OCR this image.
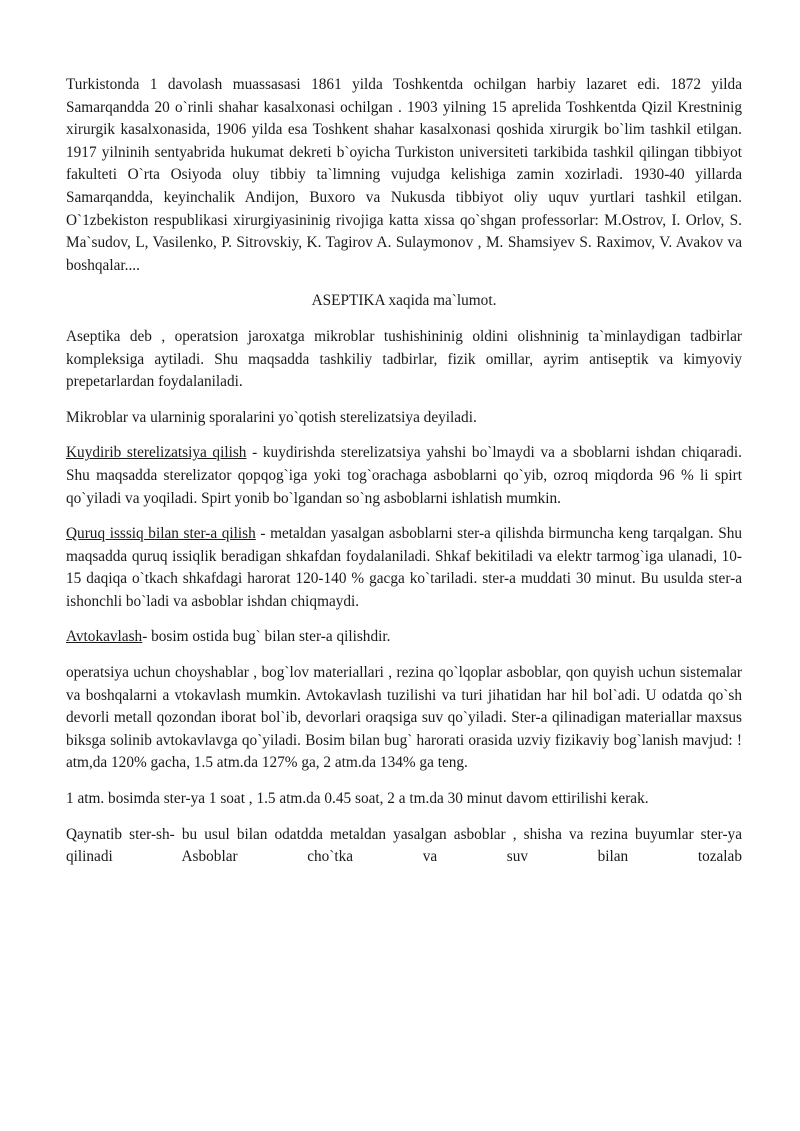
Turkistonda 1 davolash muassasasi 1861 yilda Toshkentda ochilgan harbiy lazaret edi. 1872 yilda Samarqandda 20 o`rinli shahar kasalxonasi ochilgan . 1903 yilning 15 aprelida Toshkentda Qizil Krestninig xirurgik kasalxonasida, 1906 yilda esa Toshkent shahar kasalxonasi qoshida xirurgik bo`lim tashkil etilgan. 1917 yilninih sentyabrida hukumat dekreti b`oyicha Turkiston universiteti tarkibida tashkil qilingan tibbiyot fakulteti O`rta Osiyoda oluy tibbiy ta`limning vujudga kelishiga zamin xozirladi. 1930-40 yillarda Samarqandda, keyinchalik Andijon, Buxoro va Nukusda tibbiyot oliy uquv yurtlari tashkil etilgan. O`1zbekiston respublikasi xirurgiyasininig rivojiga katta xissa qo`shgan professorlar: M.Ostrov, I. Orlov, S. Ma`sudov, L, Vasilenko, P. Sitrovskiy, K. Tagirov A. Sulaymonov , M. Shamsiyev S. Raximov, V. Avakov va boshqalar....

ASEPTIKA xaqida ma`lumot.

Aseptika deb , operatsion jaroxatga mikroblar tushishininig oldini olishninig ta`minlaydigan tadbirlar kompleksiga aytiladi. Shu maqsadda tashkiliy tadbirlar, fizik omillar, ayrim antiseptik va kimyoviy prepetarlardan foydalaniladi.

Mikroblar va ularninig sporalarini yo`qotish sterelizatsiya deyiladi.

Kuydirib sterelizatsiya qilish - kuydirishda sterelizatsiya yahshi bo`lmaydi va a sboblarni ishdan chiqaradi. Shu maqsadda sterelizator qopqog`iga yoki tog`orachaga asboblarni qo`yib, ozroq miqdorda 96 % li spirt qo`yiladi va yoqiladi. Spirt yonib bo`lgandan so`ng asboblarni ishlatish mumkin.

Quruq isssiq bilan ster-a qilish - metaldan yasalgan asboblarni ster-a qilishda birmuncha keng tarqalgan. Shu maqsadda quruq issiqlik beradigan shkafdan foydalaniladi. Shkaf bekitiladi va elektr tarmog`iga ulanadi, 10-15 daqiqa o`tkach shkafdagi harorat 120-140 % gacga ko`tariladi. ster-a muddati 30 minut. Bu usulda ster-a ishonchli bo`ladi va asboblar ishdan chiqmaydi.

Avtokavlash- bosim ostida bug` bilan ster-a qilishdir.

operatsiya uchun choyshablar , bog`lov materiallari , rezina qo`lqoplar asboblar, qon quyish uchun sistemalar va boshqalarni a vtokavlash mumkin. Avtokavlash tuzilishi va turi jihatidan har hil bol`adi. U odatda qo`sh devorli metall qozondan iborat bol`ib, devorlari oraqsiga suv qo`yiladi. Ster-a qilinadigan materiallar maxsus biksga solinib avtokavlavga qo`yiladi. Bosim bilan bug` harorati orasida uzviy fizikaviy bog`lanish mavjud: ! atm,da 120% gacha, 1.5 atm.da 127% ga, 2 atm.da 134% ga teng.

1 atm. bosimda ster-ya 1 soat , 1.5 atm.da 0.45 soat, 2 a tm.da 30 minut davom ettirilishi kerak.

Qaynatib ster-sh- bu usul bilan odatdda metaldan yasalgan asboblar , shisha va rezina buyumlar ster-ya qilinadi Asboblar cho`tka va suv bilan tozalab
